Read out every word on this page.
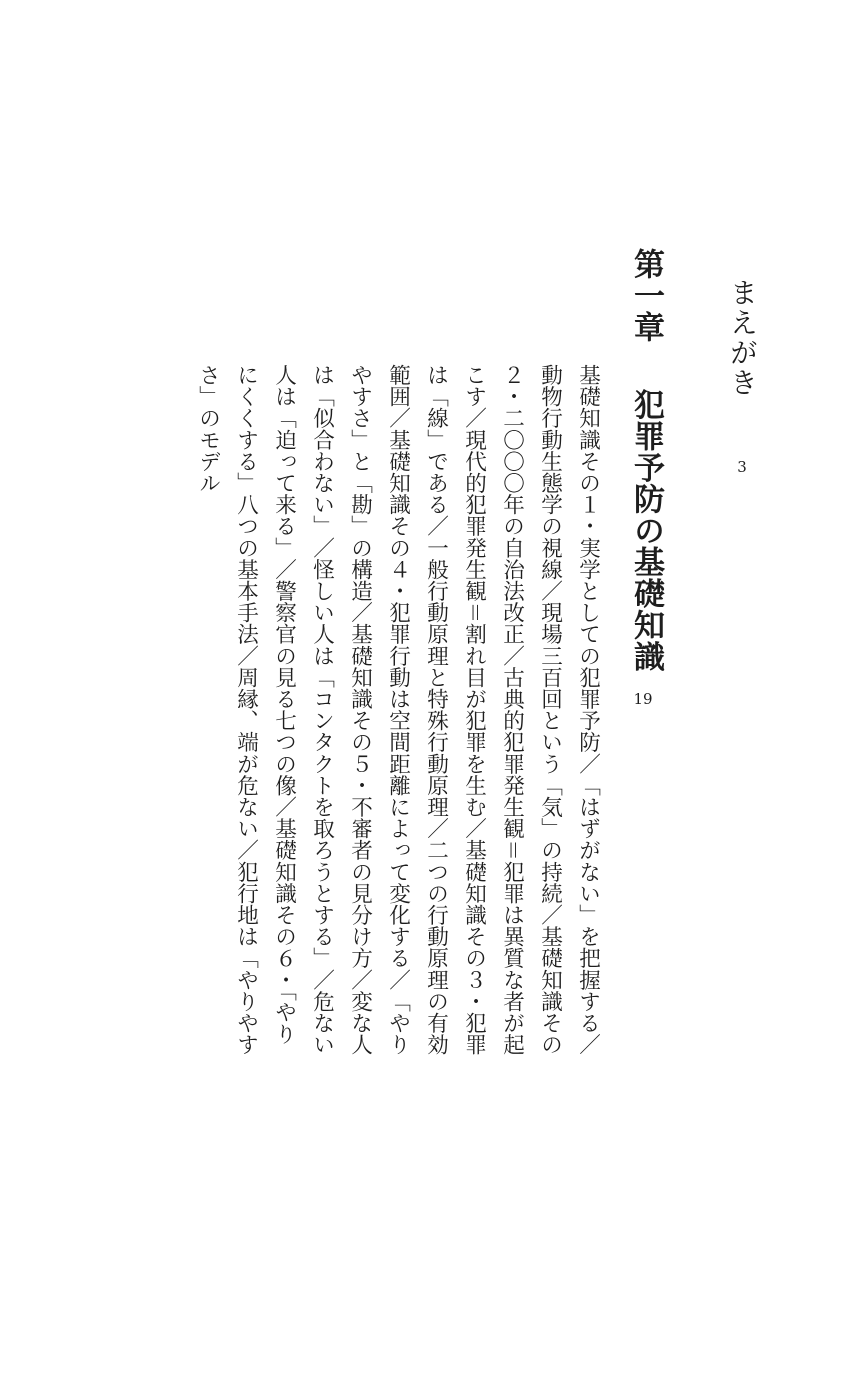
まえがき
3
第一章犯罪予防の基礎知識
19
基礎知識その１・実学としての犯罪予防／「はずがない」を把握する／
動物行動生態学の視線／現場三百回という「気」の持続／基礎知識その
２・二〇〇〇年の自治法改正／古典的犯罪発生観＝犯罪は異質な者が起
こす／現代的犯罪発生観＝割れ目が犯罪を生む／基礎知識その３・犯罪
は「線」である／一般行動原理と特殊行動原理／二つの行動原理の有効
範囲／基礎知識その４・犯罪行動は空間距離によって変化する／「やり
やすさ」と「勘」の構造／基礎知識その５・不審者の見分け方／変な人
は「似合わない」／怪しい人は「コンタクトを取ろうとする」／危ない
人は「迫って来る」／警察官の見る七つの像／基礎知識その６・「やり
にくくする」八つの基本手法／周縁、端が危ない／犯行地は「やりやす
さ」のモデル
